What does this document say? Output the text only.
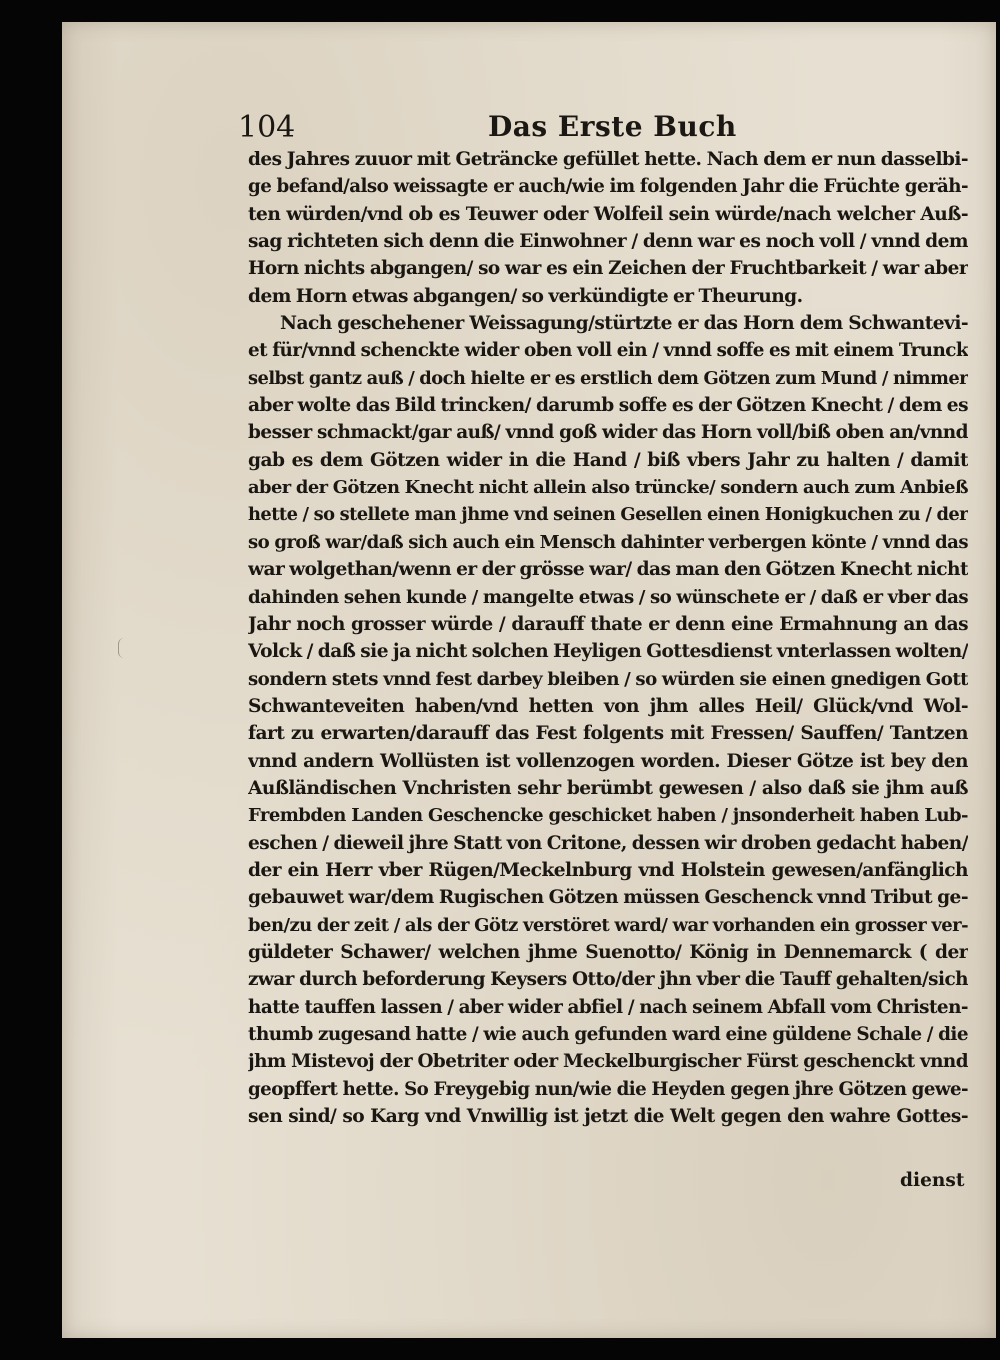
104	Das Erste Buch
des Jahres zuuor mit Geträncke gefüllet hette. Nach dem er nun dasselbi-
ge befand/also weissagte er auch/wie im folgenden Jahr die Früchte geräh-
ten würden/vnd ob es Teuwer oder Wolfeil sein würde/nach welcher Auß-
sag richteten sich denn die Einwohner / denn war es noch voll / vnnd dem
Horn nichts abgangen/ so war es ein Zeichen der Fruchtbarkeit / war aber
dem Horn etwas abgangen/ so verkündigte er Theurung.
Nach geschehener Weissagung/stürtzte er das Horn dem Schwantevi-
et für/vnnd schenckte wider oben voll ein / vnnd soffe es mit einem Trunck
selbst gantz auß / doch hielte er es erstlich dem Götzen zum Mund / nimmer
aber wolte das Bild trincken/ darumb soffe es der Götzen Knecht / dem es
besser schmackt/gar auß/ vnnd goß wider das Horn voll/biß oben an/vnnd
gab es dem Götzen wider in die Hand / biß vbers Jahr zu halten / damit
aber der Götzen Knecht nicht allein also trüncke/ sondern auch zum Anbieß
hette / so stellete man jhme vnd seinen Gesellen einen Honigkuchen zu / der
so groß war/daß sich auch ein Mensch dahinter verbergen könte / vnnd das
war wolgethan/wenn er der grösse war/ das man den Götzen Knecht nicht
dahinden sehen kunde / mangelte etwas / so wünschete er / daß er vber das
Jahr noch grosser würde / darauff thate er denn eine Ermahnung an das
Volck / daß sie ja nicht solchen Heyligen Gottesdienst vnterlassen wolten/
sondern stets vnnd fest darbey bleiben / so würden sie einen gnedigen Gott
Schwanteveiten haben/vnd hetten von jhm alles Heil/ Glück/vnd Wol-
fart zu erwarten/darauff das Fest folgents mit Fressen/ Sauffen/ Tantzen
vnnd andern Wollüsten ist vollenzogen worden. Dieser Götze ist bey den
Außländischen Vnchristen sehr berümbt gewesen / also daß sie jhm auß
Frembden Landen Geschencke geschicket haben / jnsonderheit haben Lub-
eschen / dieweil jhre Statt von Critone, dessen wir droben gedacht haben/
der ein Herr vber Rügen/Meckelnburg vnd Holstein gewesen/anfänglich
gebauwet war/dem Rugischen Götzen müssen Geschenck vnnd Tribut ge-
ben/zu der zeit / als der Götz verstöret ward/ war vorhanden ein grosser ver-
güldeter Schawer/ welchen jhme Suenotto/ König in Dennemarck ( der
zwar durch beforderung Keysers Otto/der jhn vber die Tauff gehalten/sich
hatte tauffen lassen / aber wider abfiel / nach seinem Abfall vom Christen-
thumb zugesand hatte / wie auch gefunden ward eine güldene Schale / die
jhm Mistevoj der Obetriter oder Meckelburgischer Fürst geschenckt vnnd
geopffert hette. So Freygebig nun/wie die Heyden gegen jhre Götzen gewe-
sen sind/ so Karg vnd Vnwillig ist jetzt die Welt gegen den wahre Gottes-
dienst
